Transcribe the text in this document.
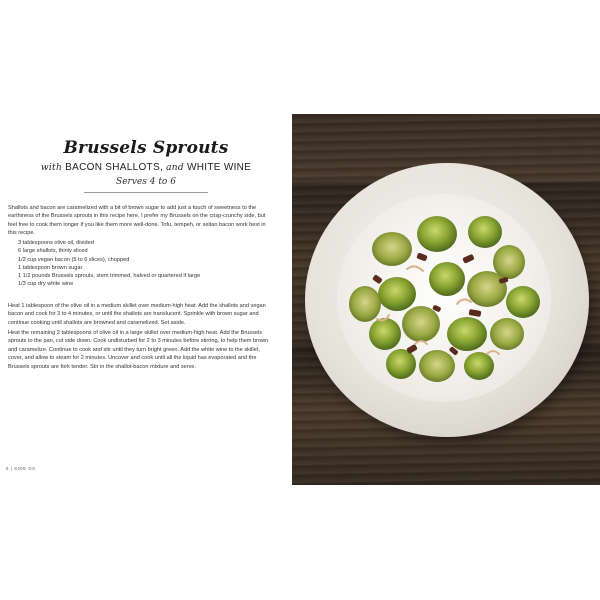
Brussels Sprouts
with BACON SHALLOTS, and WHITE WINE
Serves 4 to 6

Shallots and bacon are caramelized with a bit of brown sugar to add just a touch of sweetness to the earthiness of the Brussels sprouts in this recipe here. I prefer my Brussels on the crisp-crunchy side, but feel free to cook them longer if you like them more well-done. Tofu, tempeh, or seitan bacon work best in this recipe.

3 tablespoons olive oil, divided
6 large shallots, thinly sliced
1/2 cup vegan bacon (5 to 6 slices), chopped
1 tablespoon brown sugar
1 1/2 pounds Brussels sprouts, stem trimmed, halved or quartered if large
1/3 cup dry white wine

Heat 1 tablespoon of the olive oil in a medium skillet over medium-high heat. Add the shallots and vegan bacon and cook for 3 to 4 minutes, or until the shallots are translucent. Sprinkle with brown sugar and continue cooking until shallots are browned and caramelized. Set aside.

Heat the remaining 2 tablespoons of olive oil in a large skillet over medium-high heat. Add the Brussels sprouts to the pan, cut side down. Cook undisturbed for 2 to 3 minutes before stirring, to help them brown and caramelize. Continue to cook and stir until they turn bright green. Add the white wine to the skillet, cover, and allow to steam for 2 minutes. Uncover and cook until all the liquid has evaporated and the Brussels sprouts are fork tender. Stir in the shallot-bacon mixture and serve.

6 | SIDE DS
